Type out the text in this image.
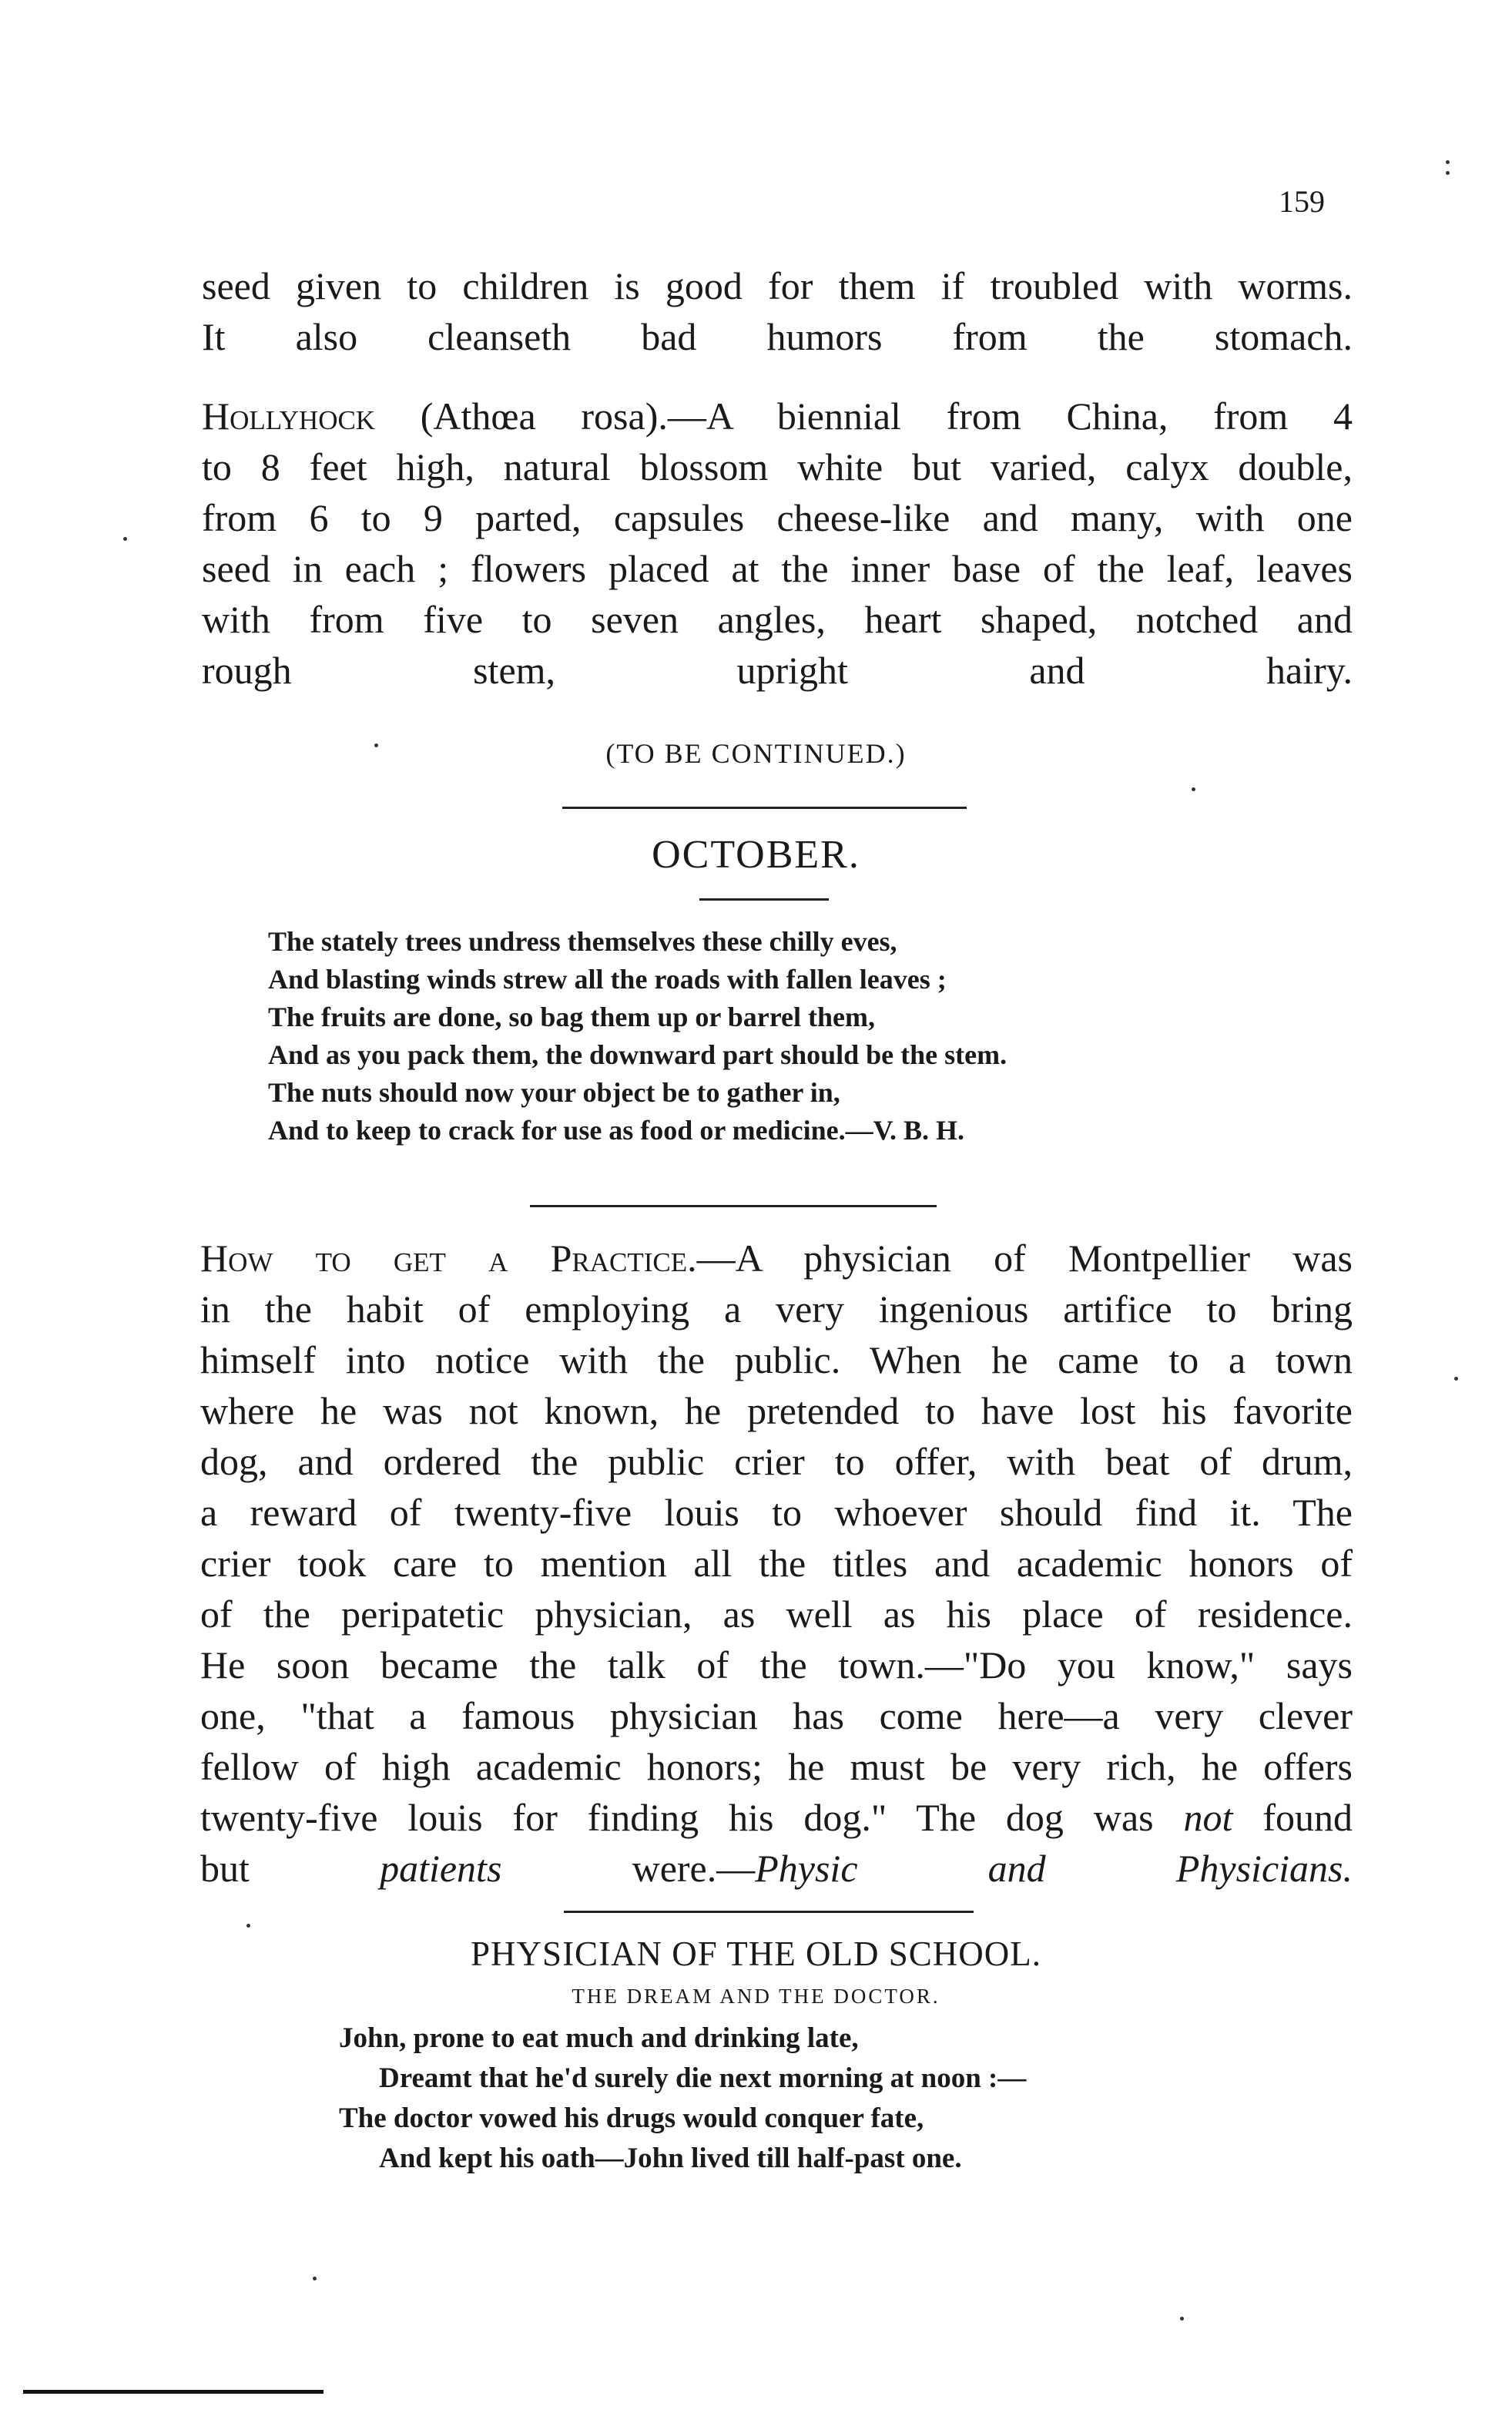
159

seed given to children is good for them if troubled with worms.
It also cleanseth bad humors from the stomach.

Hollyhock (Athœa rosa).—A biennial from China, from 4
to 8 feet high, natural blossom white but varied, calyx double,
from 6 to 9 parted, capsules cheese-like and many, with one
seed in each ; flowers placed at the inner base of the leaf, leaves
with from five to seven angles, heart shaped, notched and
rough stem, upright and hairy.

(TO BE CONTINUED.)
OCTOBER.
The stately trees undress themselves these chilly eves,
And blasting winds strew all the roads with fallen leaves ;
The fruits are done, so bag them up or barrel them,
And as you pack them, the downward part should be the stem.
The nuts should now your object be to gather in,
And to keep to crack for use as food or medicine.—V. B. H.

How to get a Practice.—A physician of Montpellier was
in the habit of employing a very ingenious artifice to bring
himself into notice with the public. When he came to a town
where he was not known, he pretended to have lost his favorite
dog, and ordered the public crier to offer, with beat of drum,
a reward of twenty-five louis to whoever should find it. The
crier took care to mention all the titles and academic honors of
of the peripatetic physician, as well as his place of residence.
He soon became the talk of the town.—"Do you know," says
one, "that a famous physician has come here—a very clever
fellow of high academic honors; he must be very rich, he offers
twenty-five louis for finding his dog." The dog was not found
but patients were.—Physic and Physicians.

PHYSICIAN OF THE OLD SCHOOL.
THE DREAM AND THE DOCTOR.
John, prone to eat much and drinking late,
Dreamt that he'd surely die next morning at noon :—
The doctor vowed his drugs would conquer fate,
And kept his oath—John lived till half-past one.
